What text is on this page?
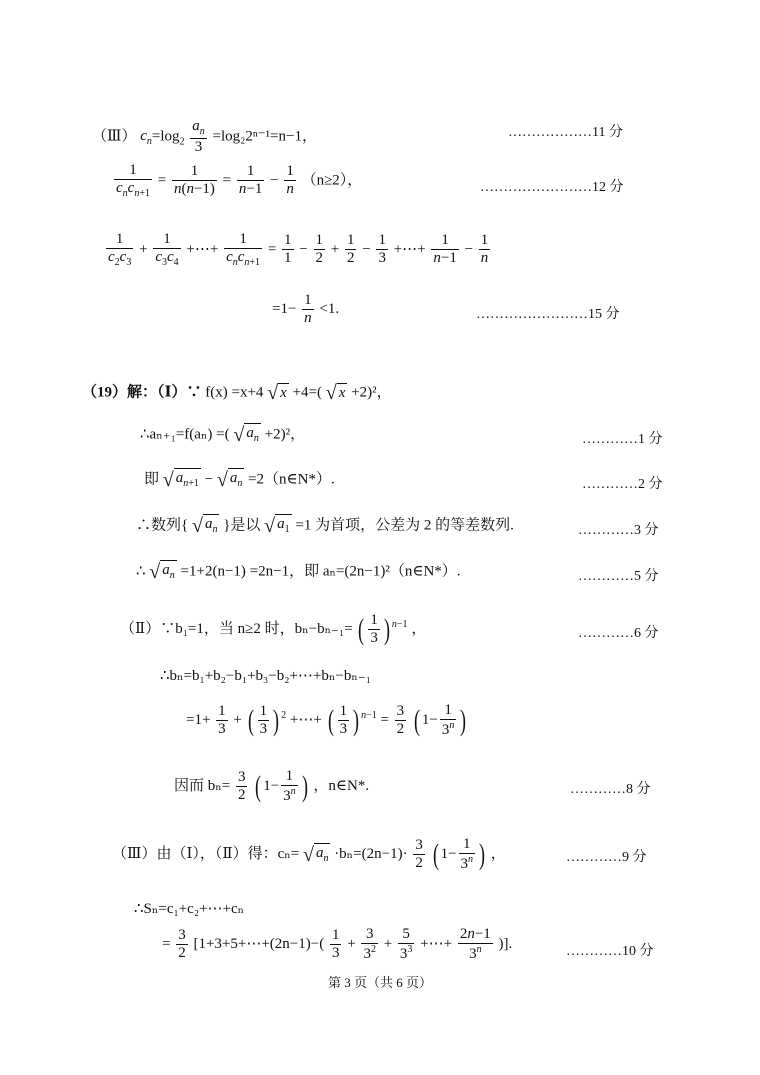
（Ⅲ） $c_n=\log_2 \frac{a_n}{3} =\log_22^{n-1}=n-1$，	………………11 分
$\frac{1}{c_nc_{n+1}} = \frac{1}{n(n-1)} = \frac{1}{n-1} - \frac{1}{n} (n\ge 2)$，	……………………12 分
$\frac{1}{c_2c_3} + \frac{1}{c_3c_4}$ +⋯+ $\frac{1}{c_nc_{n+1}} = \frac{1}{1} - \frac{1}{2} + \frac{1}{2} - \frac{1}{3}$ +⋯+ $\frac{1}{n-1} - \frac{1}{n}$
$=1- \frac{1}{n} <1$.	……………………15 分
（19）解：（Ⅰ）∵ f(x) =x+4 √ x +4=( √ x +2)²，
∴aₙ₊₁=f(aₙ) =( √ $a_n +2)^2$，	…………1 分
即 √ $a_{n+1}$ − √ $a_n$ =2（n∈N*）.	…………2 分
∴数列{ √ $a_n$ }是以 √ $a_1 =1$ 为首项，公差为 2 的等差数列.	…………3 分
∴ √ $a_n =1+2(n-1) =2n-1$，即 aₙ=(2n−1)²（n∈N*）.	…………5 分
（Ⅱ）∵b₁=1，当 n≥2 时，bₙ−bₙ₋₁= ( $\frac{1}{3}$ ) $^{n-1}$ ，	…………6 分
∴bₙ=b₁+b₂−b₁+b₃−b₂+⋯+bₙ−bₙ₋₁
$=1+ \frac{1}{3}$ + ( $\frac{1}{3}$ ) $^2$ +⋯+ ( $\frac{1}{3}$ ) $^{n-1} = \frac{3}{2}$ ( $1- \frac{1}{3^n}$ )
因而 $b_n= \frac{3}{2}$ ( $1- \frac{1}{3^n}$ ) ，n∈N*.	…………8 分
（Ⅲ）由（Ⅰ），（Ⅱ）得：cₙ= √ $a_n \cdot b_n=(2n-1)\cdot \frac{3}{2}$ ( $1- \frac{1}{3^n}$ ) ，	…………9 分
∴Sₙ=c₁+c₂+⋯+cₙ
= $\frac{3}{2}$ [1+3+5+⋯+(2n−1)−( $\frac{1}{3} + \frac{3}{3^2} + \frac{5}{3^3}$ +⋯+ $\frac{2n-1}{3^n}$ )].	…………10 分
第 3 页（共 6 页）
